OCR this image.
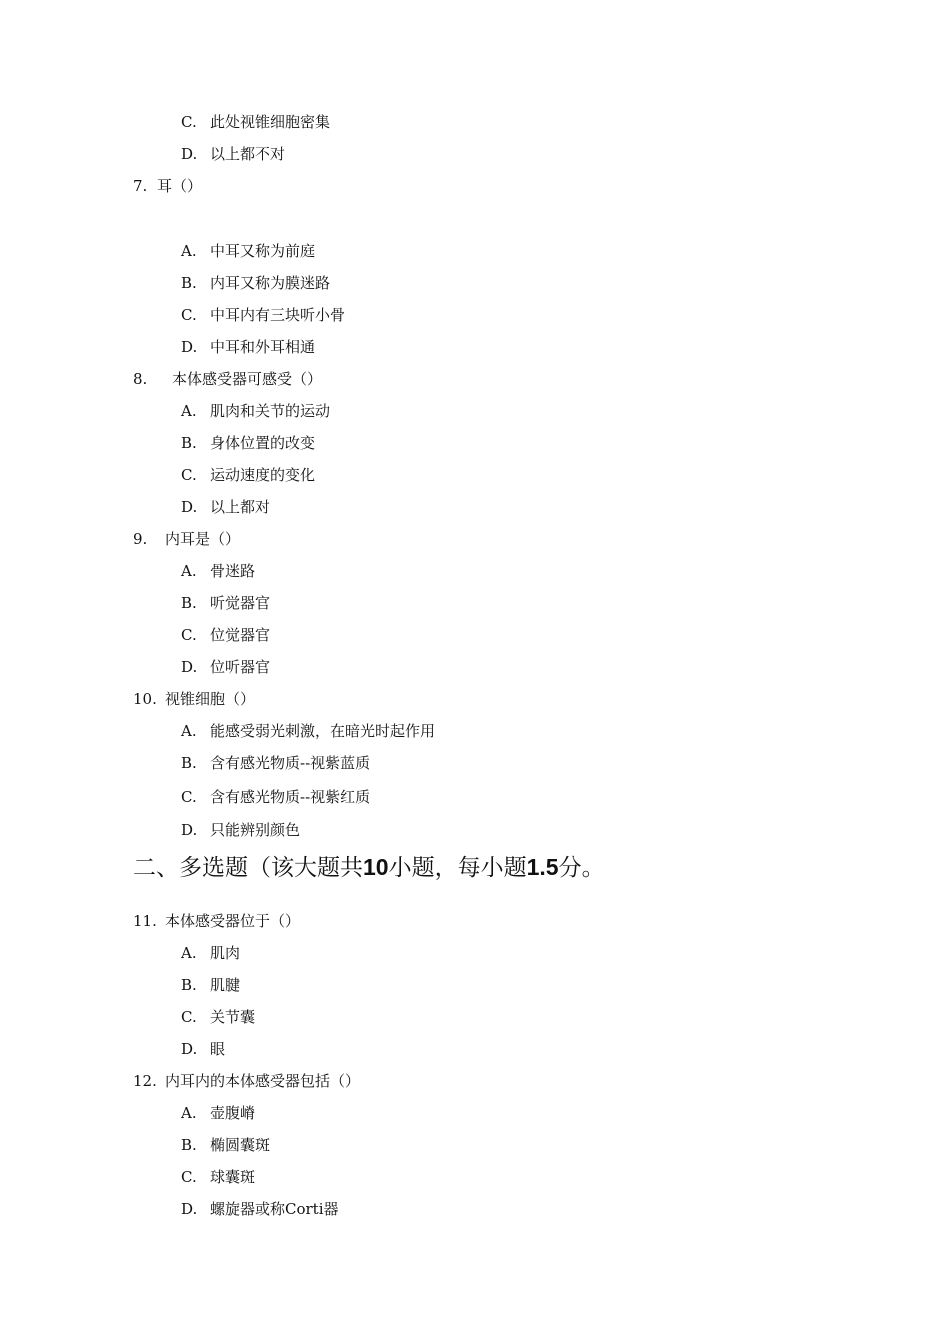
C. 此处视锥细胞密集
D. 以上都不对
7. 耳（）
A. 中耳又称为前庭
B. 内耳又称为膜迷路
C. 中耳内有三块听小骨
D. 中耳和外耳相通
8. 本体感受器可感受（）
A. 肌肉和关节的运动
B. 身体位置的改变
C. 运动速度的变化
D. 以上都对
9. 内耳是（）
A. 骨迷路
B. 听觉器官
C. 位觉器官
D. 位听器官
10. 视锥细胞（）
A. 能感受弱光刺激，在暗光时起作用
B. 含有感光物质--视紫蓝质
C. 含有感光物质--视紫红质
D. 只能辨别颜色
二、多选题（该大题共10小题，每小题1.5分。
11. 本体感受器位于（）
A. 肌肉
B. 肌腱
C. 关节囊
D. 眼
12. 内耳内的本体感受器包括（）
A. 壶腹嵴
B. 椭圆囊斑
C. 球囊斑
D. 螺旋器或称Corti器
